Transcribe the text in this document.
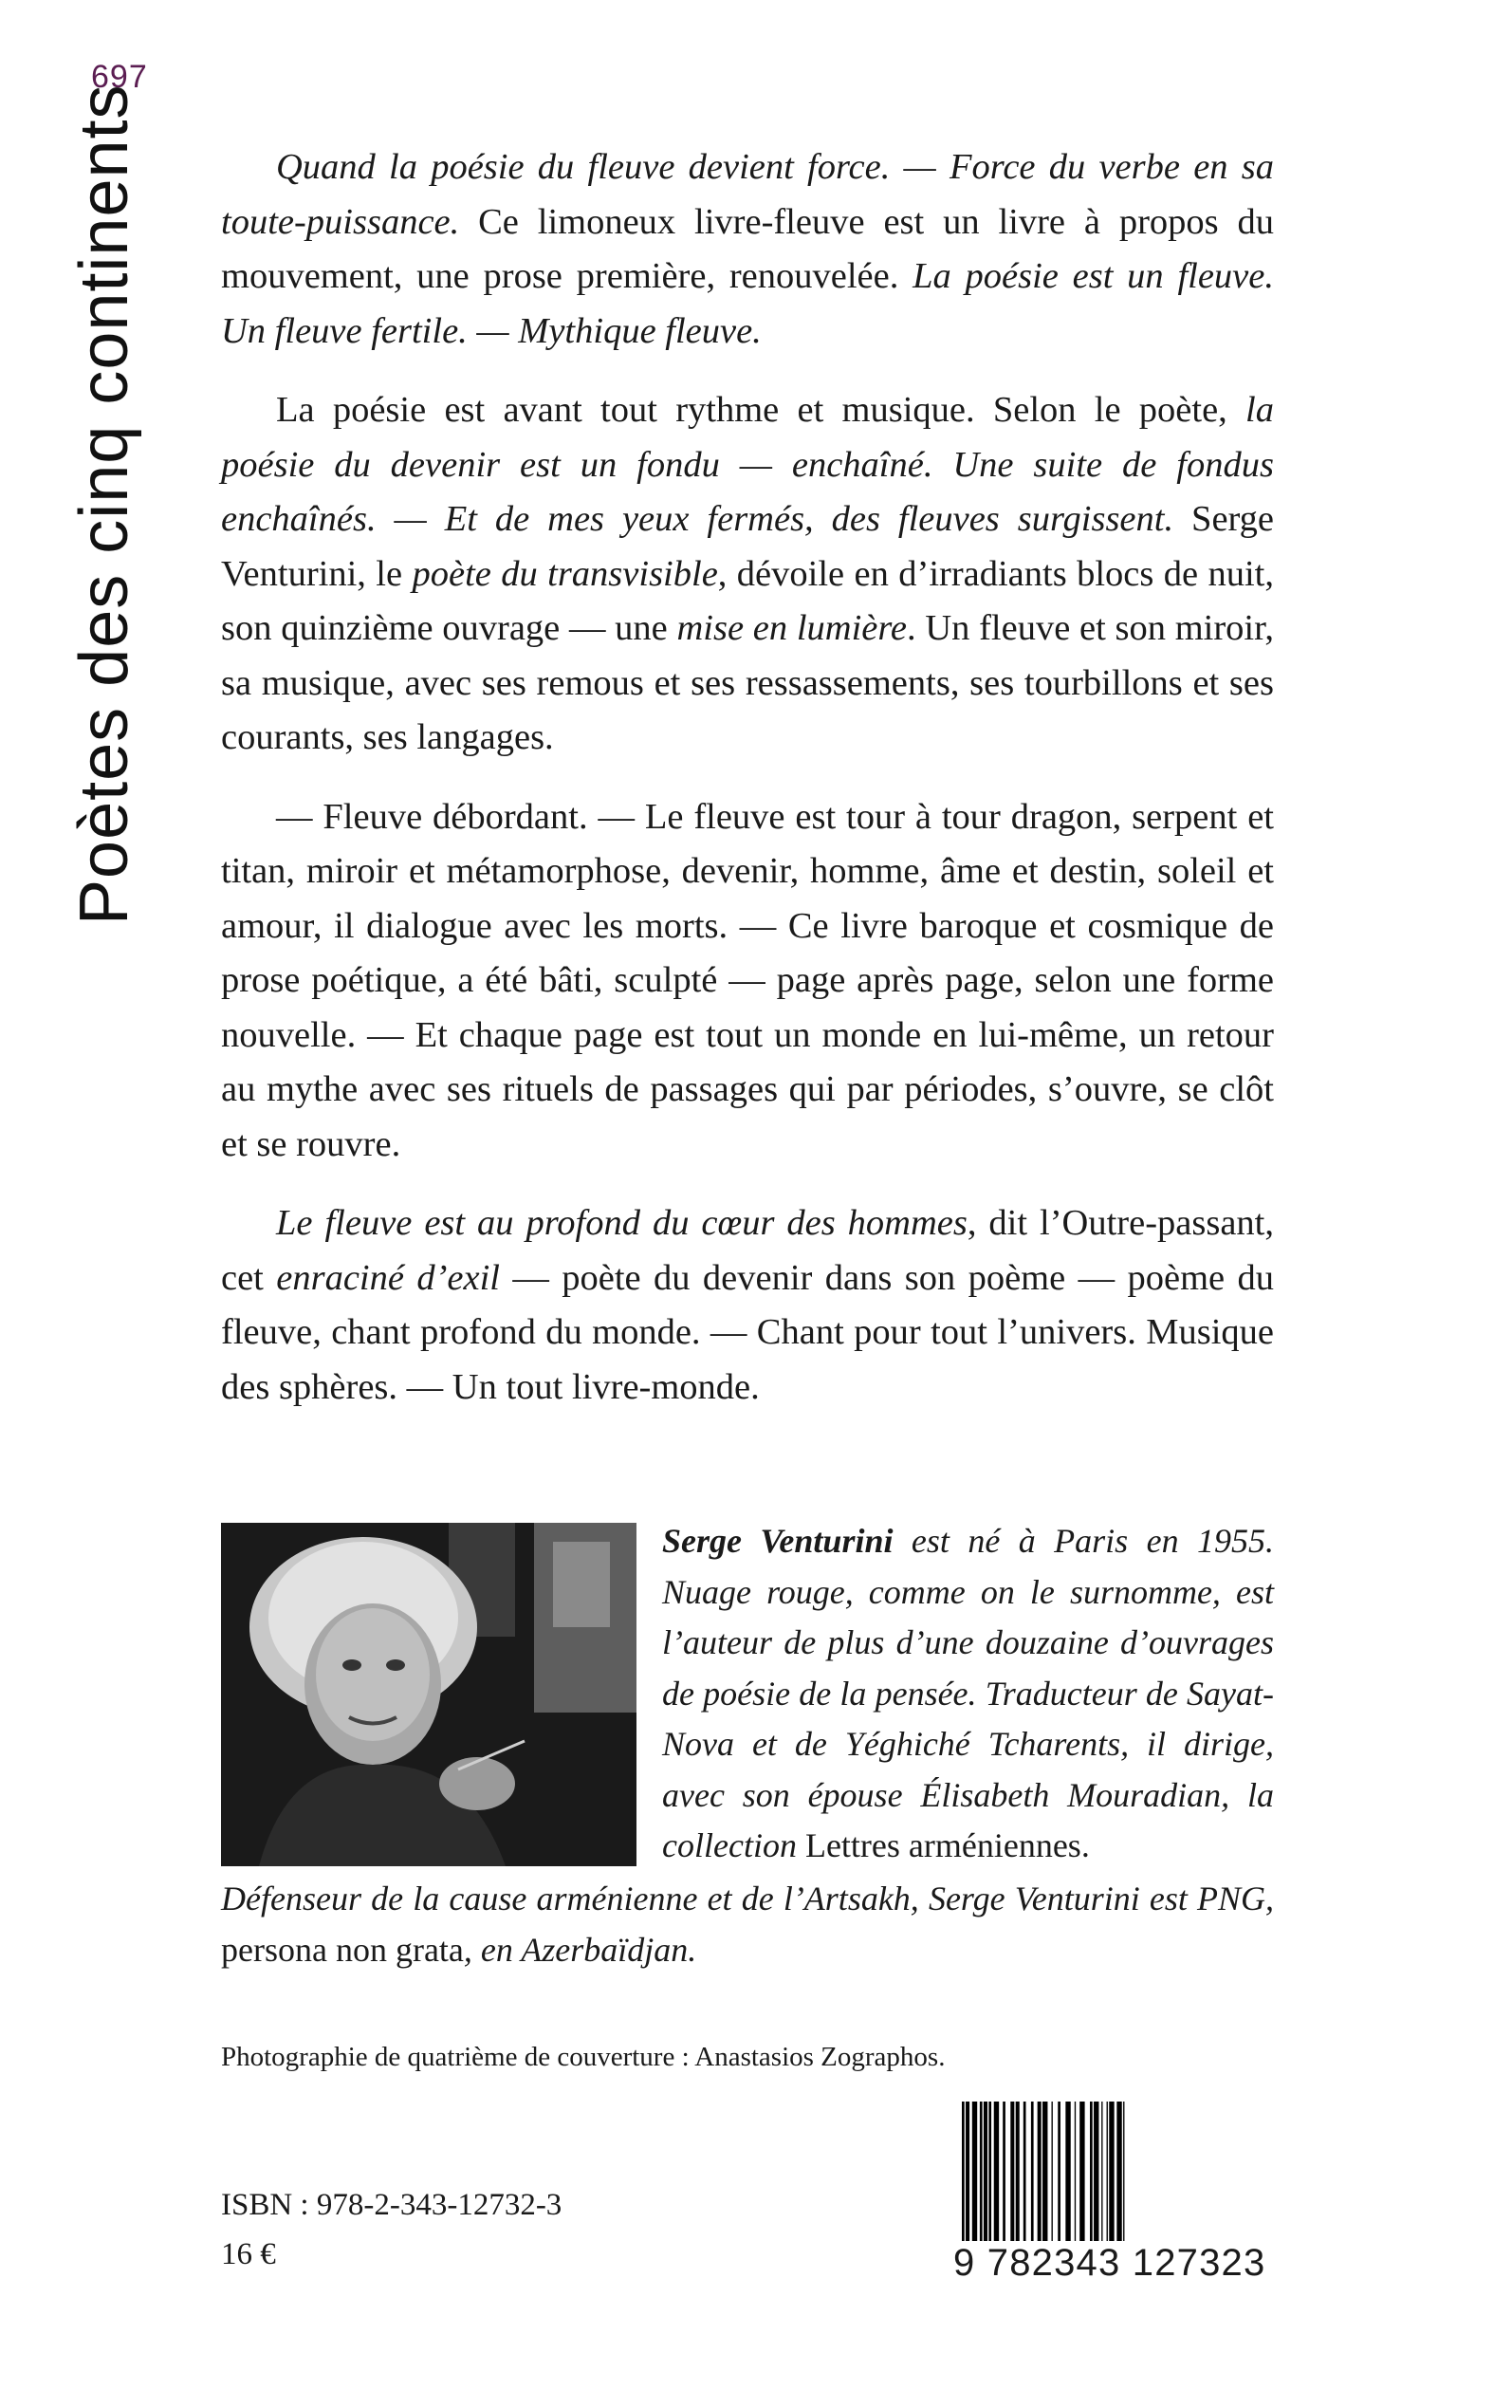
697
Poètes des cinq continents	Quand la poésie du fleuve devient force. — Force du verbe en sa toute-puissance. Ce limoneux livre-fleuve est un livre à propos du mouvement, une prose première, renouvelée. La poésie est un fleuve. Un fleuve fertile. — Mythique fleuve.

La poésie est avant tout rythme et musique. Selon le poète, la poésie du devenir est un fondu — enchaîné. Une suite de fondus enchaînés. — Et de mes yeux fermés, des fleuves surgissent. Serge Venturini, le poète du transvisible, dévoile en d’irradiants blocs de nuit, son quinzième ouvrage — une mise en lumière. Un fleuve et son miroir, sa musique, avec ses remous et ses ressassements, ses tourbillons et ses courants, ses langages.

— Fleuve débordant. — Le fleuve est tour à tour dragon, serpent et titan, miroir et métamorphose, devenir, homme, âme et destin, soleil et amour, il dialogue avec les morts. — Ce livre baroque et cosmique de prose poétique, a été bâti, sculpté — page après page, selon une forme nouvelle. — Et chaque page est tout un monde en lui-même, un retour au mythe avec ses rituels de passages qui par périodes, s’ouvre, se clôt et se rouvre.

Le fleuve est au profond du cœur des hommes, dit l’Outre-passant, cet enraciné d’exil — poète du devenir dans son poème — poème du fleuve, chant profond du monde. — Chant pour tout l’univers. Musique des sphères. — Un tout livre-monde.

Serge Venturini est né à Paris en 1955. Nuage rouge, comme on le surnomme, est l’auteur de plus d’une douzaine d’ouvrages de poésie de la pensée. Traducteur de Sayat-Nova et de Yéghiché Tcharents, il dirige, avec son épouse Élisabeth Mouradian, la collection Lettres arméniennes.
Défenseur de la cause arménienne et de l’Artsakh, Serge Venturini est PNG, persona non grata, en Azerbaïdjan.
Photographie de quatrième de couverture : Anastasios Zographos.
9 782343 127323
ISBN : 978-2-343-12732-3
16 €
